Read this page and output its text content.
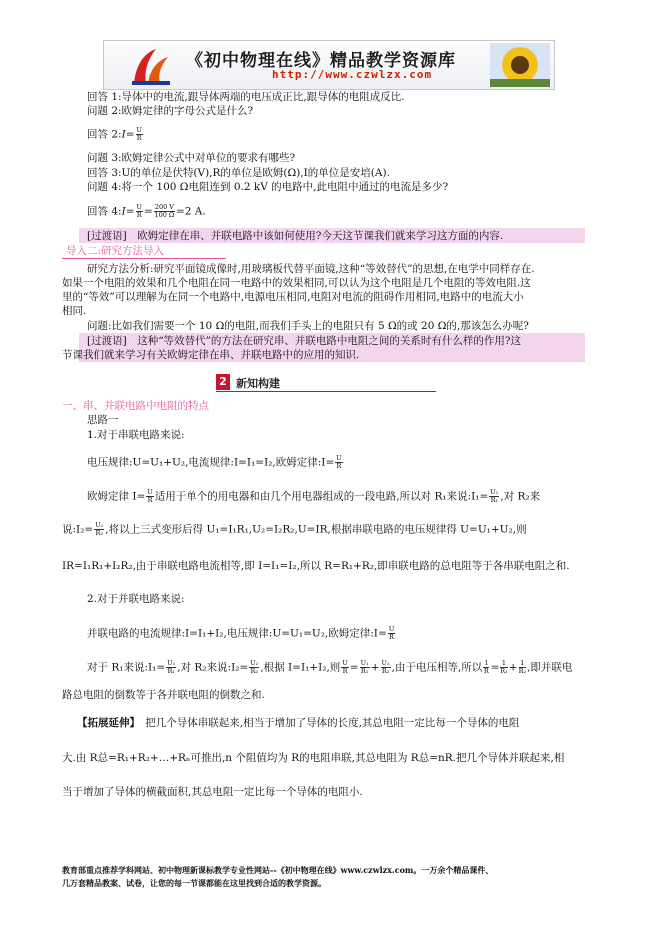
《初中物理在线》精品教学资源库
http://www.czwlzx.com
回答 1:导体中的电流,跟导体两端的电压成正比,跟导体的电阻成反比.
问题 2:欧姆定律的字母公式是什么?
回答 2:I= $\frac{U}{R}$
问题 3:欧姆定律公式中对单位的要求有哪些?
回答 3:U的单位是伏特(V),R的单位是欧姆(Ω),I的单位是安培(A).
问题 4:将一个 100 Ω电阻连到 0.2 kV 的电路中,此电阻中通过的电流是多少?
回答 4:I= $\frac{U}{R} = \frac{200 V}{100 \Omega} =2$ A.
[过渡语]　欧姆定律在串、并联电路中该如何使用?今天这节课我们就来学习这方面的内容.
导入二:研究方法导入
研究方法分析:研究平面镜成像时,用玻璃板代替平面镜,这种“等效替代”的思想,在电学中同样存在.
如果一个电阻的效果和几个电阻在同一电路中的效果相同,可以认为这个电阻是几个电阻的等效电阻.这
里的“等效”可以理解为在同一个电路中,电源电压相同,电阻对电流的阻碍作用相同,电路中的电流大小
相同.
问题:比如我们需要一个 10 Ω的电阻,而我们手头上的电阻只有 5 Ω的或 20 Ω的,那该怎么办呢?
[过渡语]　这种“等效替代”的方法在研究串、并联电路中电阻之间的关系时有什么样的作用?这
节课我们就来学习有关欧姆定律在串、并联电路中的应用的知识.
2 新知构建
一、串、并联电路中电阻的特点
思路一
1.对于串联电路来说:
电压规律:U=U₁+U₂,电流规律:I=I₁=I₂,欧姆定律:I= $\frac{U}{R}$
欧姆定律 $I= \frac{U}{R}$ 适用于单个的用电器和由几个用电器组成的一段电路,所以对 R₁来说:I₁= $\frac{\text{U₁}}{\text{R₁}}$ ,对 R₂来
说:I₂= $\frac{\text{U₂}}{\text{R₂}}$ ,将以上三式变形后得 U₁=I₁R₁,U₂=I₂R₂,U=IR,根据串联电路的电压规律得 U=U₁+U₂,则
IR=I₁R₁+I₂R₂,由于串联电路电流相等,即 I=I₁=I₂,所以 R=R₁+R₂,即串联电路的总电阻等于各串联电阻之和.
2.对于并联电路来说:
并联电路的电流规律:I=I₁+I₂,电压规律:U=U₁=U₂,欧姆定律:I= $\frac{U}{R}$
对于 R₁来说:I₁= $\frac{\text{U₁}}{\text{R₁}}$ ,对 R₂来说:I₂= $\frac{\text{U₂}}{\text{R₂}}$ ,根据 I=I₁+I₂,则 $\frac{U}{R} = \frac{\text{U₁}}{\text{R₁}} + \frac{\text{U₂}}{\text{R₂}}$ ,由于电压相等,所以 $\frac{1}{R} = \frac{1}{\text{R₁}} + \frac{1}{\text{R₂}}$ ,即并联电
路总电阻的倒数等于各并联电阻的倒数之和.
【拓展延伸】　把几个导体串联起来,相当于增加了导体的长度,其总电阻一定比每一个导体的电阻
大.由 R总=R₁+R₂+…+Rₙ可推出,n 个阻值均为 R的电阻串联,其总电阻为 R总=nR.把几个导体并联起来,相
当于增加了导体的横截面积,其总电阻一定比每一个导体的电阻小.
教育部重点推荐学科网站、初中物理新课标教学专业性网站--《初中物理在线》www.czwlzx.com。一万余个精品课件、
几万套精品教案、试卷，让您的每一节课都能在这里找到合适的教学资源。
